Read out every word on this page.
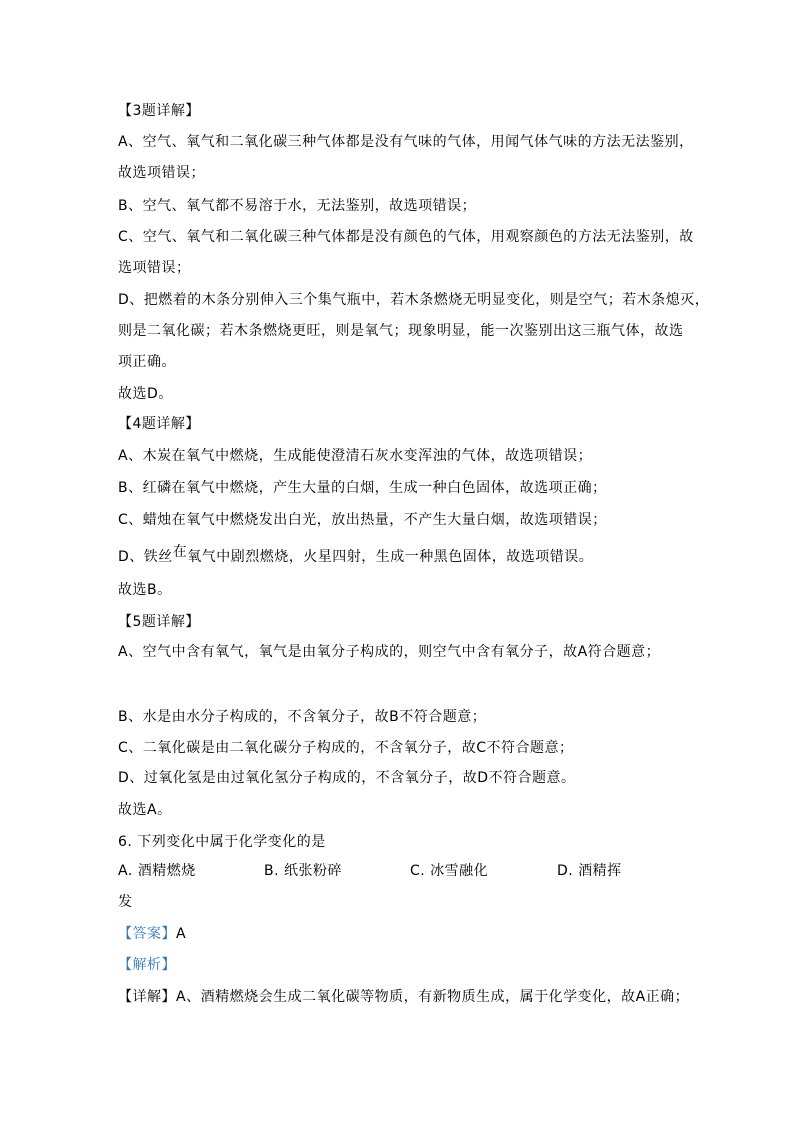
【3题详解】
A、空气、氧气和二氧化碳三种气体都是没有气味的气体，用闻气体气味的方法无法鉴别，
故选项错误；
B、空气、氧气都不易溶于水，无法鉴别，故选项错误；
C、空气、氧气和二氧化碳三种气体都是没有颜色的气体，用观察颜色的方法无法鉴别，故
选项错误；
D、把燃着的木条分别伸入三个集气瓶中，若木条燃烧无明显变化，则是空气；若木条熄灭，
则是二氧化碳；若木条燃烧更旺，则是氧气；现象明显，能一次鉴别出这三瓶气体，故选
项正确。
故选D。
【4题详解】
A、木炭在氧气中燃烧，生成能使澄清石灰水变浑浊的气体，故选项错误；
B、红磷在氧气中燃烧，产生大量的白烟，生成一种白色固体，故选项正确；
C、蜡烛在氧气中燃烧发出白光，放出热量，不产生大量白烟，故选项错误；
D、铁丝在氧气中剧烈燃烧，火星四射，生成一种黑色固体，故选项错误。
故选B。
【5题详解】
A、空气中含有氧气，氧气是由氧分子构成的，则空气中含有氧分子，故A符合题意；
B、水是由水分子构成的，不含氧分子，故B不符合题意；
C、二氧化碳是由二氧化碳分子构成的，不含氧分子，故C不符合题意；
D、过氧化氢是由过氧化氢分子构成的，不含氧分子，故D不符合题意。
故选A。
6. 下列变化中属于化学变化的是
A. 酒精燃烧	B. 纸张粉碎	C. 冰雪融化	D. 酒精挥
发
【答案】A
【解析】
【详解】A、酒精燃烧会生成二氧化碳等物质，有新物质生成，属于化学变化，故A正确；
